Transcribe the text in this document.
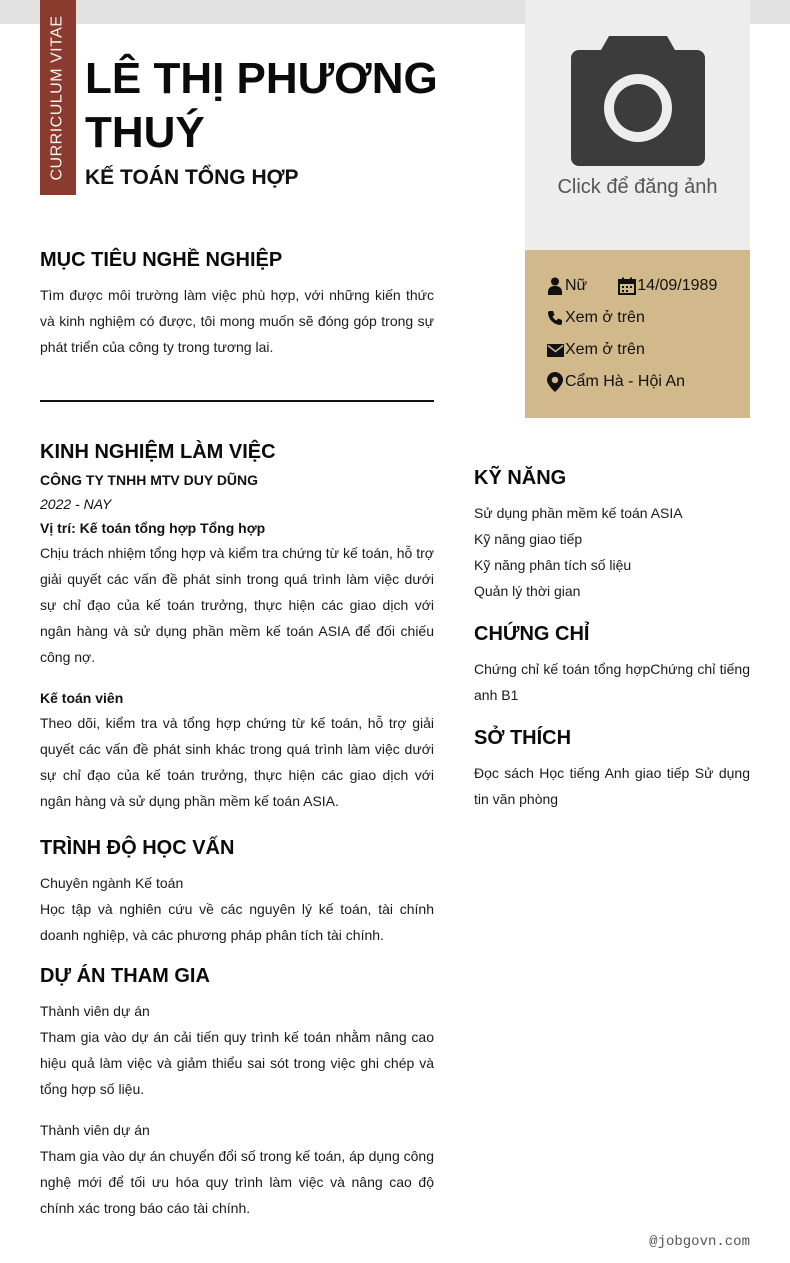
CURRICULUM VITAE LÊ THỊ PHƯƠNG THUÝ
KẾ TOÁN TỔNG HỢP	Click để đăng ảnh
Nữ	14/09/1989
Xem ở trên
Xem ở trên
Cẩm Hà - Hội An
MỤC TIÊU NGHỀ NGHIỆP

Tìm được môi trường làm việc phù hợp, với những kiến thức và kinh nghiệm có được, tôi mong muốn sẽ đóng góp trong sự phát triển của công ty trong tương lai.

KINH NGHIỆM LÀM VIỆC
CÔNG TY TNHH MTV DUY DŨNG
2022 - NAY
Vị trí: Kế toán tổng hợp Tổng hợp

Chịu trách nhiệm tổng hợp và kiểm tra chứng từ kế toán, hỗ trợ giải quyết các vấn đề phát sinh trong quá trình làm việc dưới sự chỉ đạo của kế toán trưởng, thực hiện các giao dịch với ngân hàng và sử dụng phần mềm kế toán ASIA để đối chiếu công nợ.

Kế toán viên

Theo dõi, kiểm tra và tổng hợp chứng từ kế toán, hỗ trợ giải quyết các vấn đề phát sinh khác trong quá trình làm việc dưới sự chỉ đạo của kế toán trưởng, thực hiện các giao dịch với ngân hàng và sử dụng phần mềm kế toán ASIA.

TRÌNH ĐỘ HỌC VẤN
Chuyên ngành Kế toán

Học tập và nghiên cứu về các nguyên lý kế toán, tài chính doanh nghiệp, và các phương pháp phân tích tài chính.

DỰ ÁN THAM GIA
Thành viên dự án

Tham gia vào dự án cải tiến quy trình kế toán nhằm nâng cao hiệu quả làm việc và giảm thiểu sai sót trong việc ghi chép và tổng hợp số liệu.

Thành viên dự án

Tham gia vào dự án chuyển đổi số trong kế toán, áp dụng công nghệ mới để tối ưu hóa quy trình làm việc và nâng cao độ chính xác trong báo cáo tài chính.

KỸ NĂNG
Sử dụng phần mềm kế toán ASIA
Kỹ năng giao tiếp
Kỹ năng phân tích số liệu
Quản lý thời gian
CHỨNG CHỈ

Chứng chỉ kế toán tổng hợpChứng chỉ tiếng anh B1

SỞ THÍCH

Đọc sách Học tiếng Anh giao tiếp Sử dụng tin văn phòng

@jobgovn.com
